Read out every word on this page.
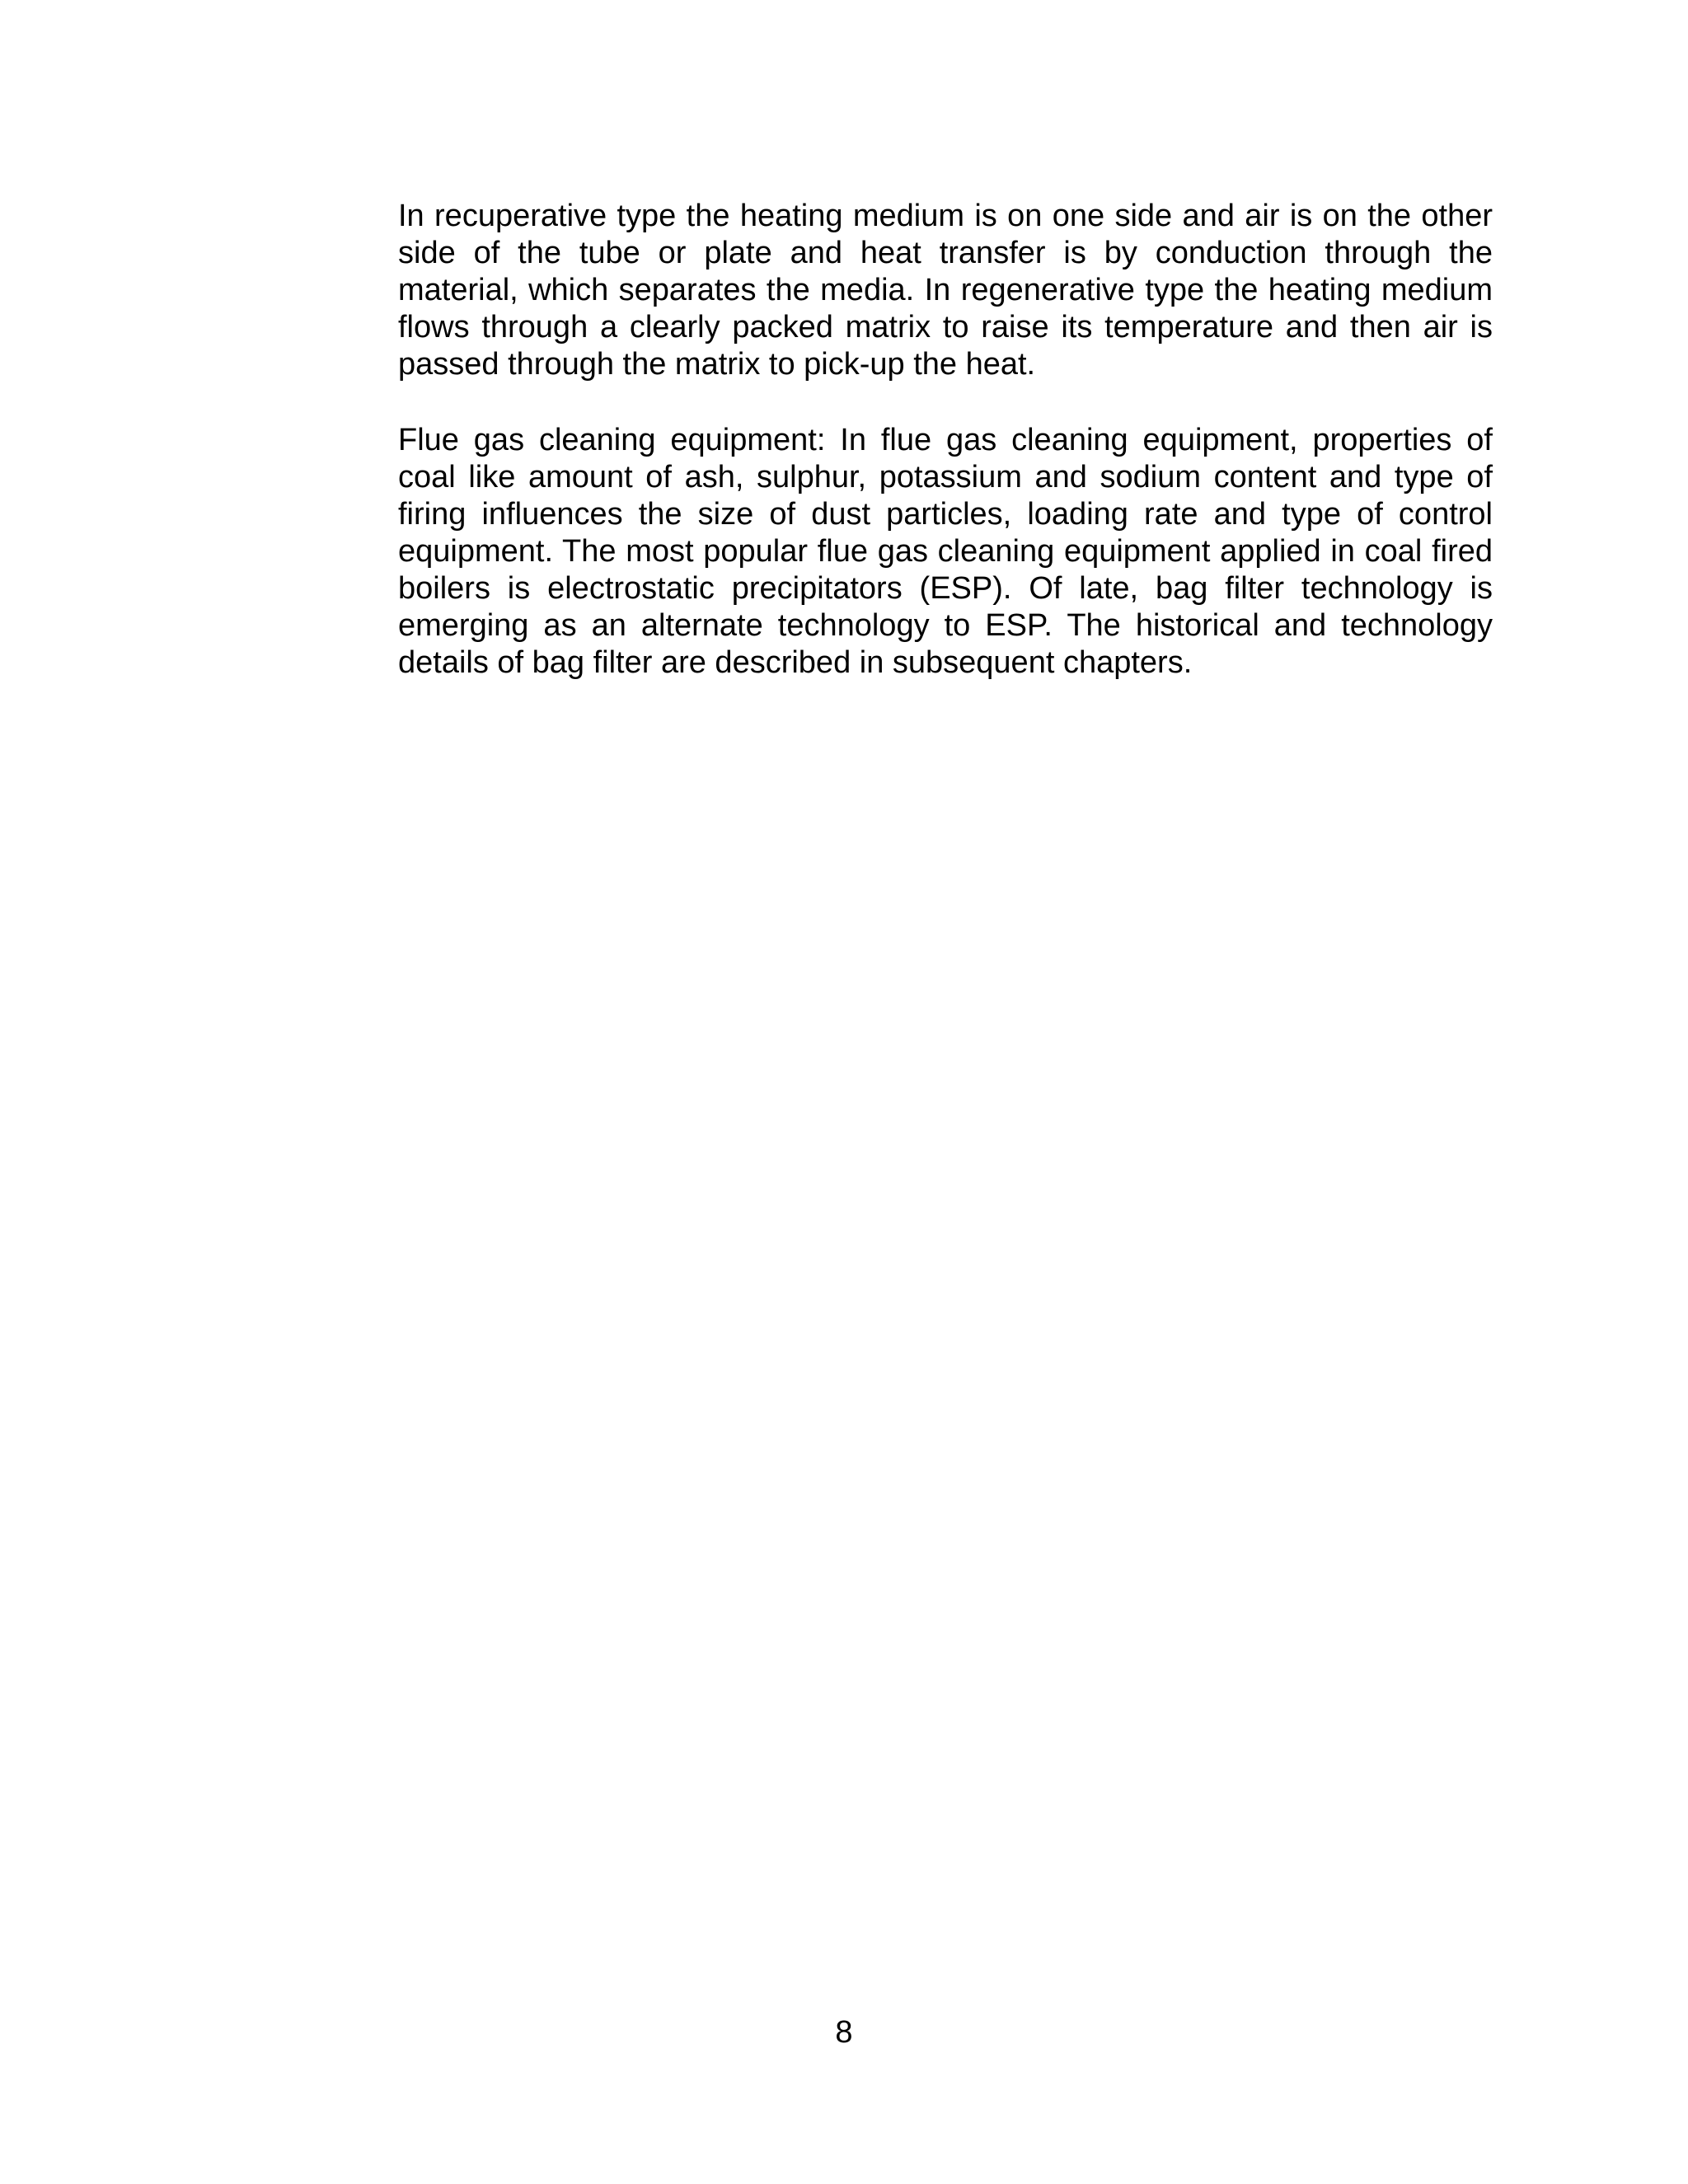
In recuperative type the heating medium is on one side and air is on the other side of the tube or plate and heat transfer is by conduction through the material, which separates the media. In regenerative type the heating medium flows through a clearly packed matrix to raise its temperature and then air is passed through the matrix to pick-up the heat.

Flue gas cleaning equipment: In flue gas cleaning equipment, properties of coal like amount of ash, sulphur, potassium and sodium content and type of firing influences the size of dust particles, loading rate and type of control equipment. The most popular flue gas cleaning equipment applied in coal fired boilers is electrostatic precipitators (ESP). Of late, bag filter technology is emerging as an alternate technology to ESP. The historical and technology details of bag filter are described in subsequent chapters.

8
